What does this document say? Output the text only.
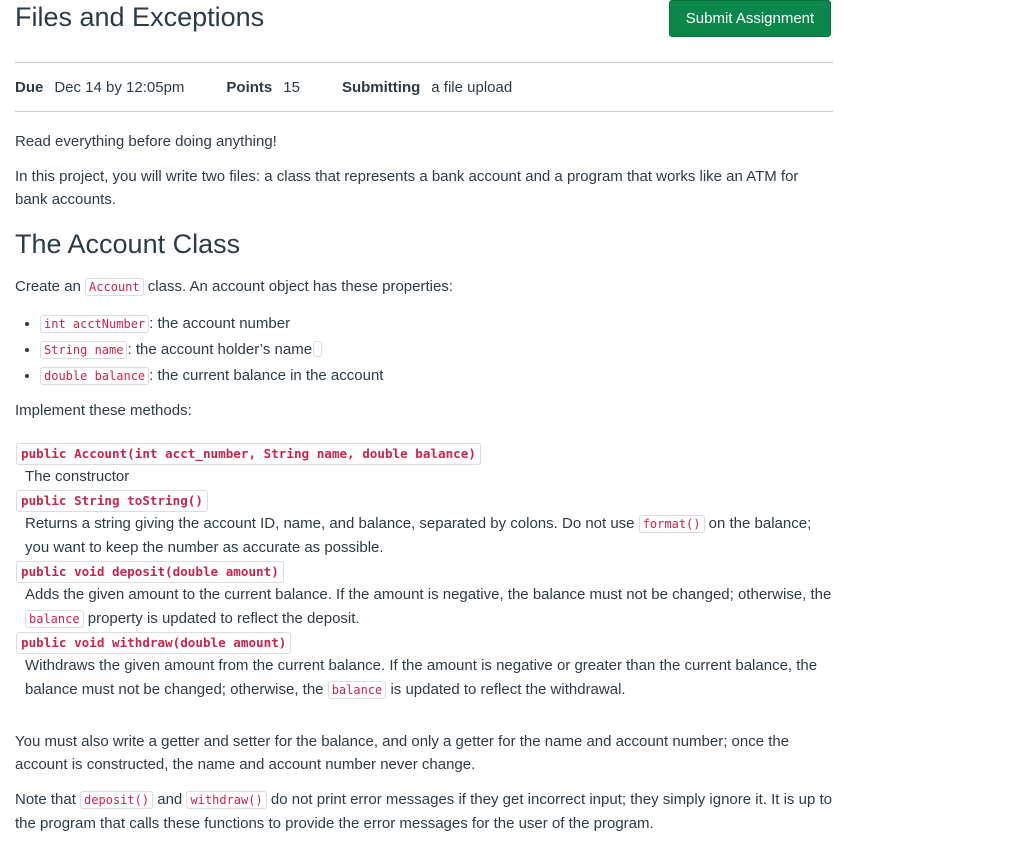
Files and Exceptions	Submit Assignment
Due Dec 14 by 12:05pm	Points 15	Submitting a file upload

Read everything before doing anything!

In this project, you will write two files: a class that represents a bank account and a program that works like an ATM for bank accounts.

The Account Class

Create an Account class. An account object has these properties:

• int acctNumber : the account number
• String name : the account holder’s name
• double balance : the current balance in the account

Implement these methods:

public Account(int acct_number, String name, double balance)
The constructor
public String toString()
Returns a string giving the account ID, name, and balance, separated by colons. Do not use format() on the balance; you want to keep the number as accurate as possible.
public void deposit(double amount)
Adds the given amount to the current balance. If the amount is negative, the balance must not be changed; otherwise, the balance property is updated to reflect the deposit.
public void withdraw(double amount)
Withdraws the given amount from the current balance. If the amount is negative or greater than the current balance, the balance must not be changed; otherwise, the balance is updated to reflect the withdrawal.

You must also write a getter and setter for the balance, and only a getter for the name and account number; once the account is constructed, the name and account number never change.

Note that deposit() and withdraw() do not print error messages if they get incorrect input; they simply ignore it. It is up to the program that calls these functions to provide the error messages for the user of the program.
